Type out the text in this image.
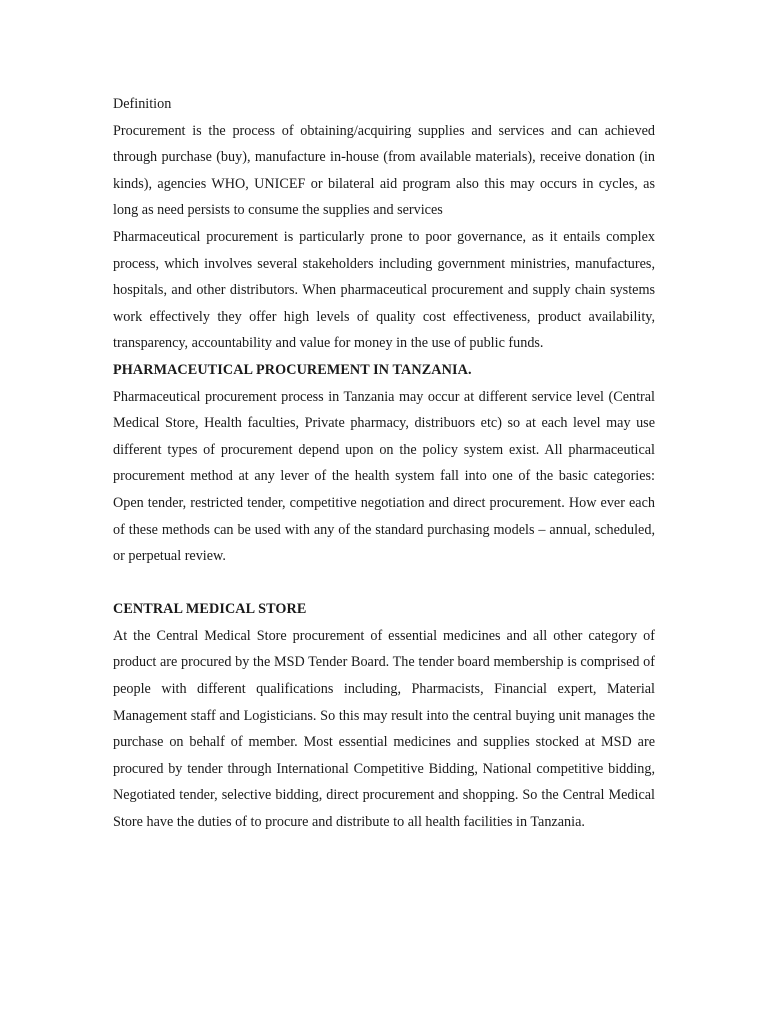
Definition

Procurement is the process of obtaining/acquiring supplies and services and can achieved through purchase (buy), manufacture in-house (from available materials), receive donation (in kinds), agencies WHO, UNICEF or bilateral aid program also this may occurs in cycles, as long as need persists to consume the supplies and services

Pharmaceutical procurement is particularly prone to poor governance, as it entails complex process, which involves several stakeholders including government ministries, manufactures, hospitals, and other distributors. When pharmaceutical procurement and supply chain systems work effectively they offer high levels of quality cost effectiveness, product availability, transparency, accountability and value for money in the use of public funds.

PHARMACEUTICAL PROCUREMENT IN TANZANIA.

Pharmaceutical procurement process in Tanzania may occur at different service level (Central Medical Store, Health faculties, Private pharmacy, distribuors etc) so at each level may use different types of procurement depend upon on the policy system exist. All pharmaceutical procurement method at any lever of the health system fall into one of the basic categories: Open tender, restricted tender, competitive negotiation and direct procurement. How ever each of these methods can be used with any of the standard purchasing models – annual, scheduled, or perpetual review.

CENTRAL MEDICAL STORE

At the Central Medical Store procurement of essential medicines and all other category of product are procured by the MSD Tender Board. The tender board membership is comprised of people with different qualifications including, Pharmacists, Financial expert, Material Management staff and Logisticians. So this may result into the central buying unit manages the purchase on behalf of member. Most essential medicines and supplies stocked at MSD are procured by tender through International Competitive Bidding, National competitive bidding, Negotiated tender, selective bidding, direct procurement and shopping. So the Central Medical Store have the duties of to procure and distribute to all health facilities in Tanzania.
